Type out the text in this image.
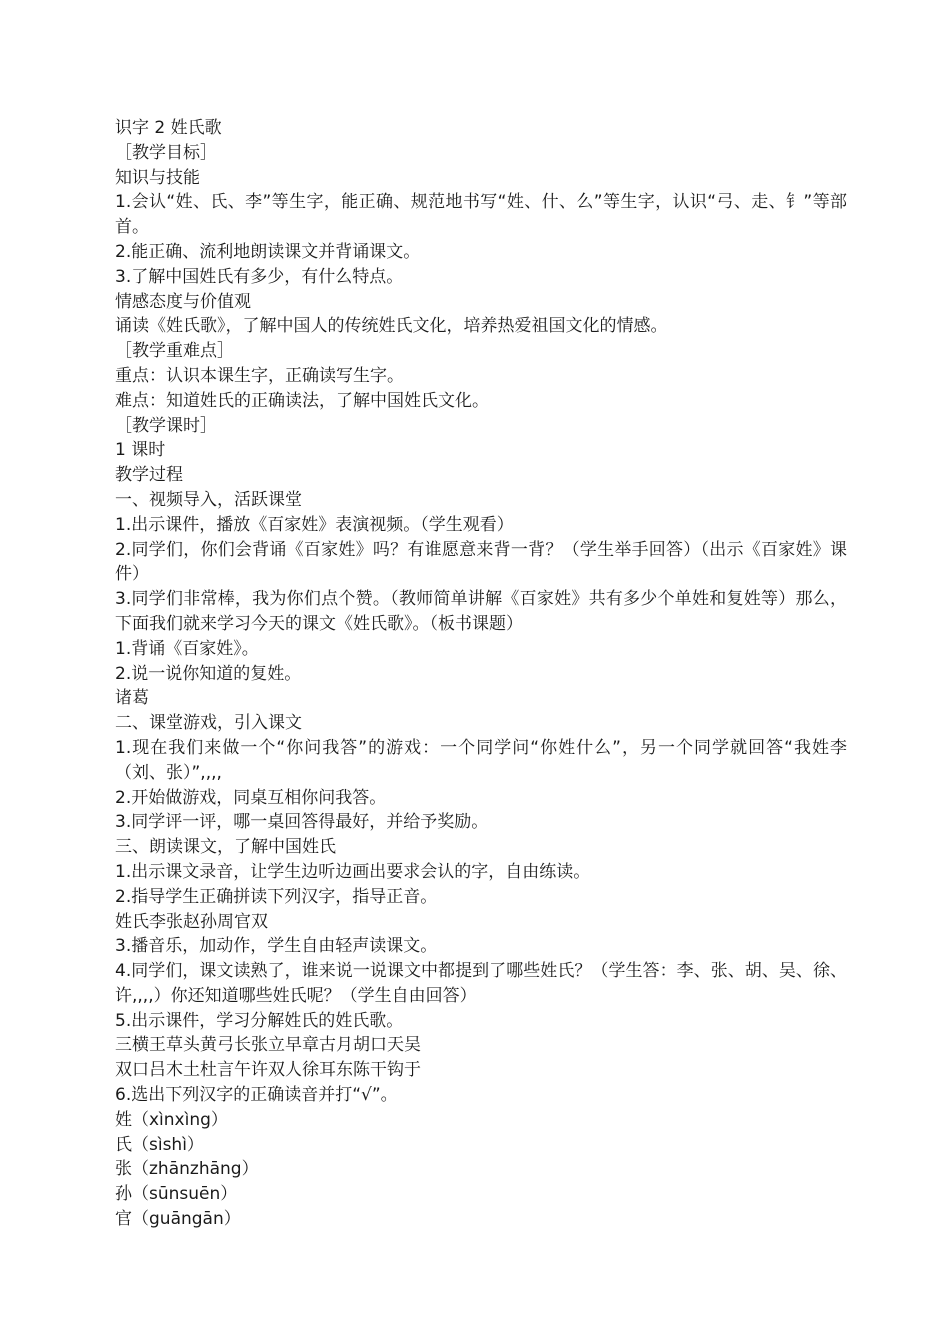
识字 2 姓氏歌
［教学目标］
知识与技能
1.会认“姓、氏、李”等生字，能正确、规范地书写“姓、什、么”等生字，认识“弓、走、钅”等部首。
2.能正确、流利地朗读课文并背诵课文。
3.了解中国姓氏有多少，有什么特点。
情感态度与价值观
诵读《姓氏歌》，了解中国人的传统姓氏文化，培养热爱祖国文化的情感。
［教学重难点］
重点：认识本课生字，正确读写生字。
难点：知道姓氏的正确读法，了解中国姓氏文化。
［教学课时］
1 课时
教学过程
一、视频导入，活跃课堂
1.出示课件，播放《百家姓》表演视频。（学生观看）
2.同学们，你们会背诵《百家姓》吗？有谁愿意来背一背？（学生举手回答）（出示《百家姓》课件）
3.同学们非常棒，我为你们点个赞。（教师简单讲解《百家姓》共有多少个单姓和复姓等）那么，下面我们就来学习今天的课文《姓氏歌》。（板书课题）
1.背诵《百家姓》。
2.说一说你知道的复姓。
诸葛
二、课堂游戏，引入课文
1.现在我们来做一个“你问我答”的游戏：一个同学问“你姓什么”，另一个同学就回答“我姓李（刘、张）”,,,,
2.开始做游戏，同桌互相你问我答。
3.同学评一评，哪一桌回答得最好，并给予奖励。
三、朗读课文，了解中国姓氏
1.出示课文录音，让学生边听边画出要求会认的字，自由练读。
2.指导学生正确拼读下列汉字，指导正音。
姓氏李张赵孙周官双
3.播音乐，加动作，学生自由轻声读课文。
4.同学们，课文读熟了，谁来说一说课文中都提到了哪些姓氏？（学生答：李、张、胡、吴、徐、许,,,,）你还知道哪些姓氏呢？（学生自由回答）
5.出示课件，学习分解姓氏的姓氏歌。
三横王草头黄弓长张立早章古月胡口天吴
双口吕木土杜言午许双人徐耳东陈干钩于
6.选出下列汉字的正确读音并打“√”。
姓（xìnxìng）
氏（sìshì）
张（zhānzhāng）
孙（sūnsuēn）
官（guāngān）
